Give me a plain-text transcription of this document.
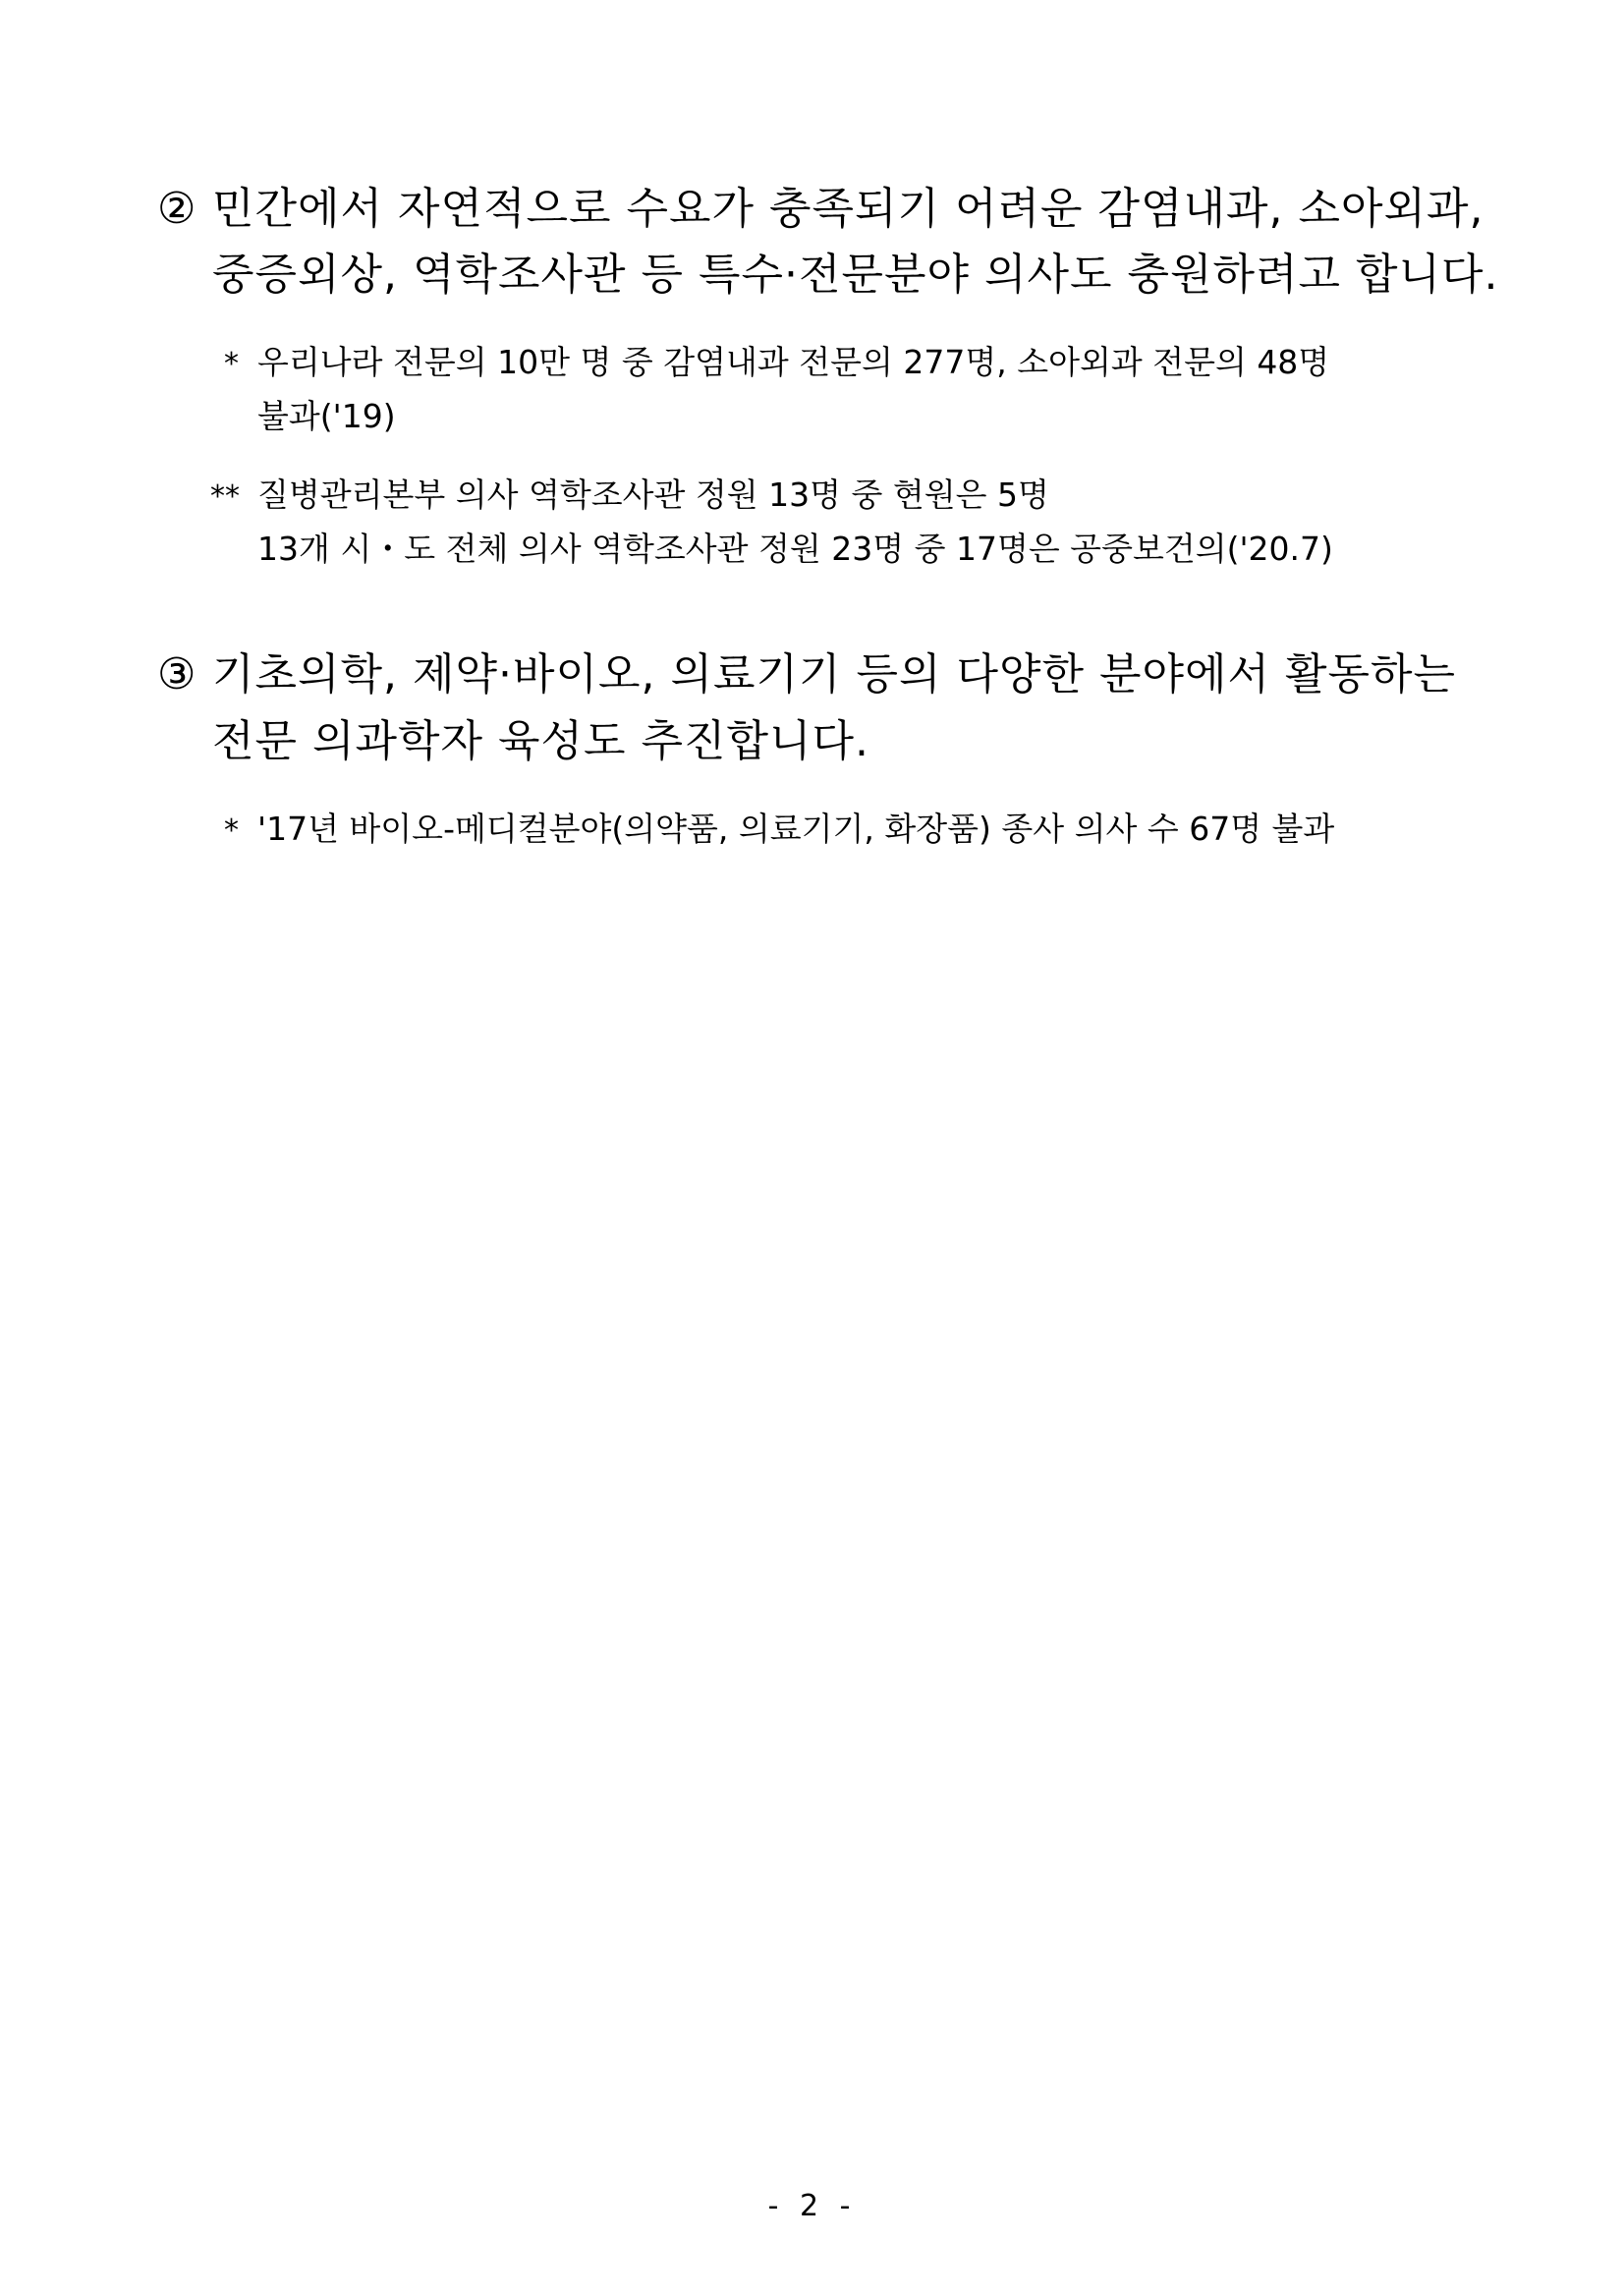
② 민간에서 자연적으로 수요가 충족되기 어려운 감염내과, 소아외과,
중증외상, 역학조사관 등 특수·전문분야 의사도 충원하려고 합니다.
* 우리나라 전문의 10만 명 중 감염내과 전문의 277명, 소아외과 전문의 48명
불과('19)
** 질병관리본부 의사 역학조사관 정원 13명 중 현원은 5명
13개 시・도 전체 의사 역학조사관 정원 23명 중 17명은 공중보건의('20.7)
③ 기초의학, 제약·바이오, 의료기기 등의 다양한 분야에서 활동하는
전문 의과학자 육성도 추진합니다.
* '17년 바이오-메디컬분야(의약품, 의료기기, 화장품) 종사 의사 수 67명 불과
- 2 -
